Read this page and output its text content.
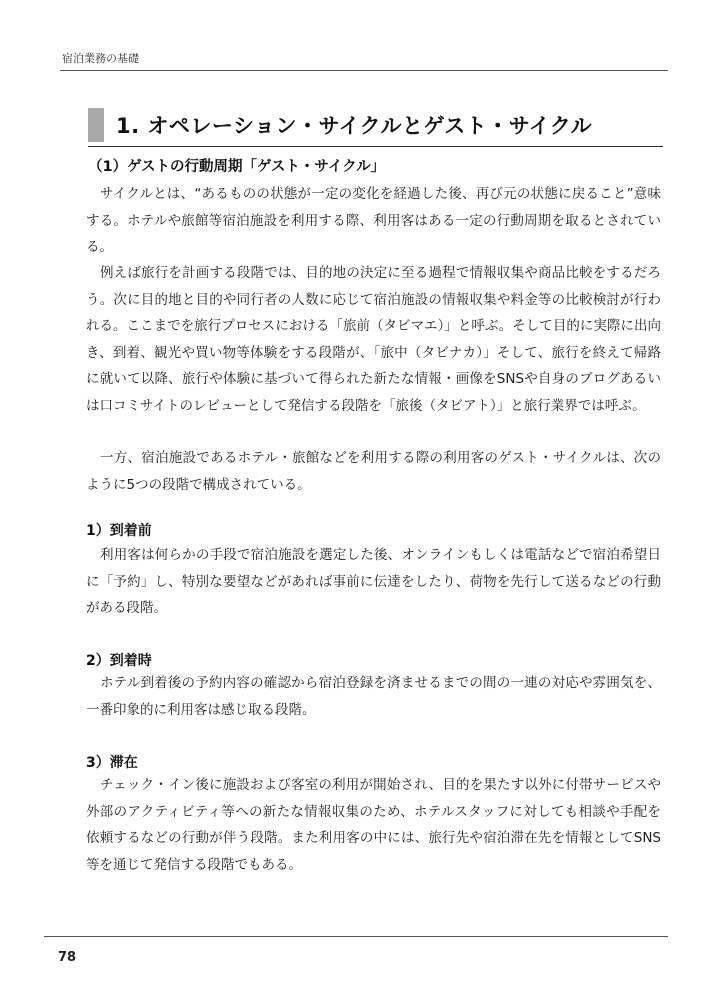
宿泊業務の基礎
1. オペレーション・サイクルとゲスト・サイクル
（1）ゲストの行動周期「ゲスト・サイクル」

サイクルとは、“あるものの状態が一定の変化を経過した後、再び元の状態に戻ること”意味する。ホテルや旅館等宿泊施設を利用する際、利用客はある一定の行動周期を取るとされている。

例えば旅行を計画する段階では、目的地の決定に至る過程で情報収集や商品比較をするだろう。次に目的地と目的や同行者の人数に応じて宿泊施設の情報収集や料金等の比較検討が行われる。ここまでを旅行プロセスにおける「旅前（タビマエ）」と呼ぶ。そして目的に実際に出向き、到着、観光や買い物等体験をする段階が、「旅中（タビナカ）」そして、旅行を終えて帰路に就いて以降、旅行や体験に基づいて得られた新たな情報・画像をSNSや自身のブログあるいは口コミサイトのレビューとして発信する段階を「旅後（タビアト）」と旅行業界では呼ぶ。

一方、宿泊施設であるホテル・旅館などを利用する際の利用客のゲスト・サイクルは、次のように5つの段階で構成されている。

1）到着前

利用客は何らかの手段で宿泊施設を選定した後、オンラインもしくは電話などで宿泊希望日に「予約」し、特別な要望などがあれば事前に伝達をしたり、荷物を先行して送るなどの行動がある段階。

2）到着時

ホテル到着後の予約内容の確認から宿泊登録を済ませるまでの間の一連の対応や雰囲気を、一番印象的に利用客は感じ取る段階。

3）滞在

チェック・イン後に施設および客室の利用が開始され、目的を果たす以外に付帯サービスや外部のアクティビティ等への新たな情報収集のため、ホテルスタッフに対しても相談や手配を依頼するなどの行動が伴う段階。また利用客の中には、旅行先や宿泊滞在先を情報としてSNS等を通じて発信する段階でもある。

78
